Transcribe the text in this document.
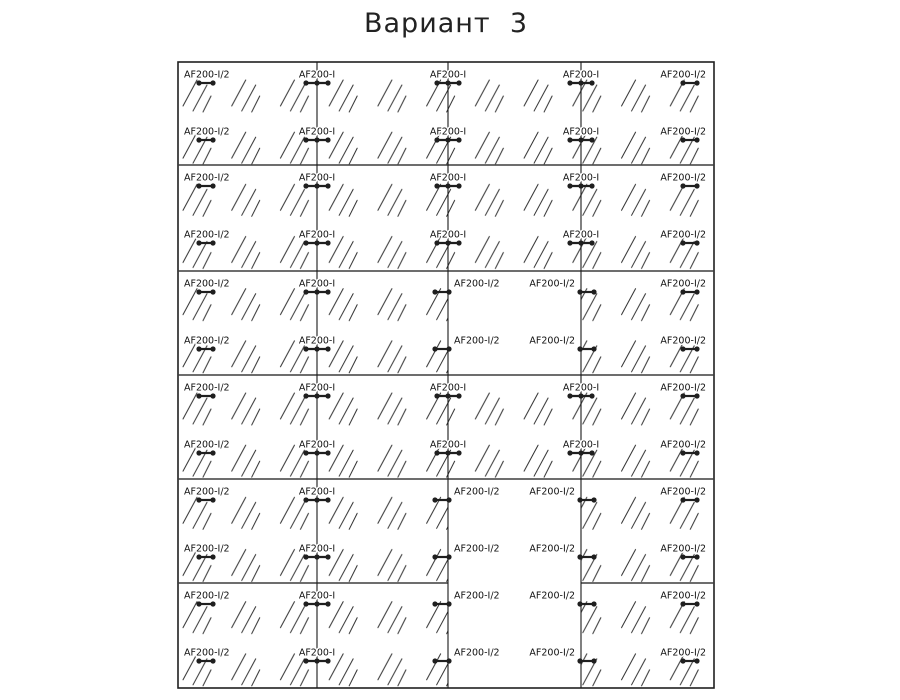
Вариант  3
AF200-I/2	AF200-I	AF200-I	AF200-I	AF200-I/2
AF200-I/2	AF200-I	AF200-I	AF200-I	AF200-I/2
AF200-I/2	AF200-I	AF200-I	AF200-I	AF200-I/2
AF200-I/2	AF200-I	AF200-I	AF200-I	AF200-I/2
AF200-I/2	AF200-I	AF200-I/2	AF200-I/2	AF200-I/2
AF200-I/2	AF200-I	AF200-I/2	AF200-I/2	AF200-I/2
AF200-I/2	AF200-I	AF200-I	AF200-I	AF200-I/2
AF200-I/2	AF200-I	AF200-I	AF200-I	AF200-I/2
AF200-I/2	AF200-I	AF200-I/2	AF200-I/2	AF200-I/2
AF200-I/2	AF200-I	AF200-I/2	AF200-I/2	AF200-I/2
AF200-I/2	AF200-I	AF200-I/2	AF200-I/2	AF200-I/2
AF200-I/2	AF200-I	AF200-I/2	AF200-I/2	AF200-I/2
